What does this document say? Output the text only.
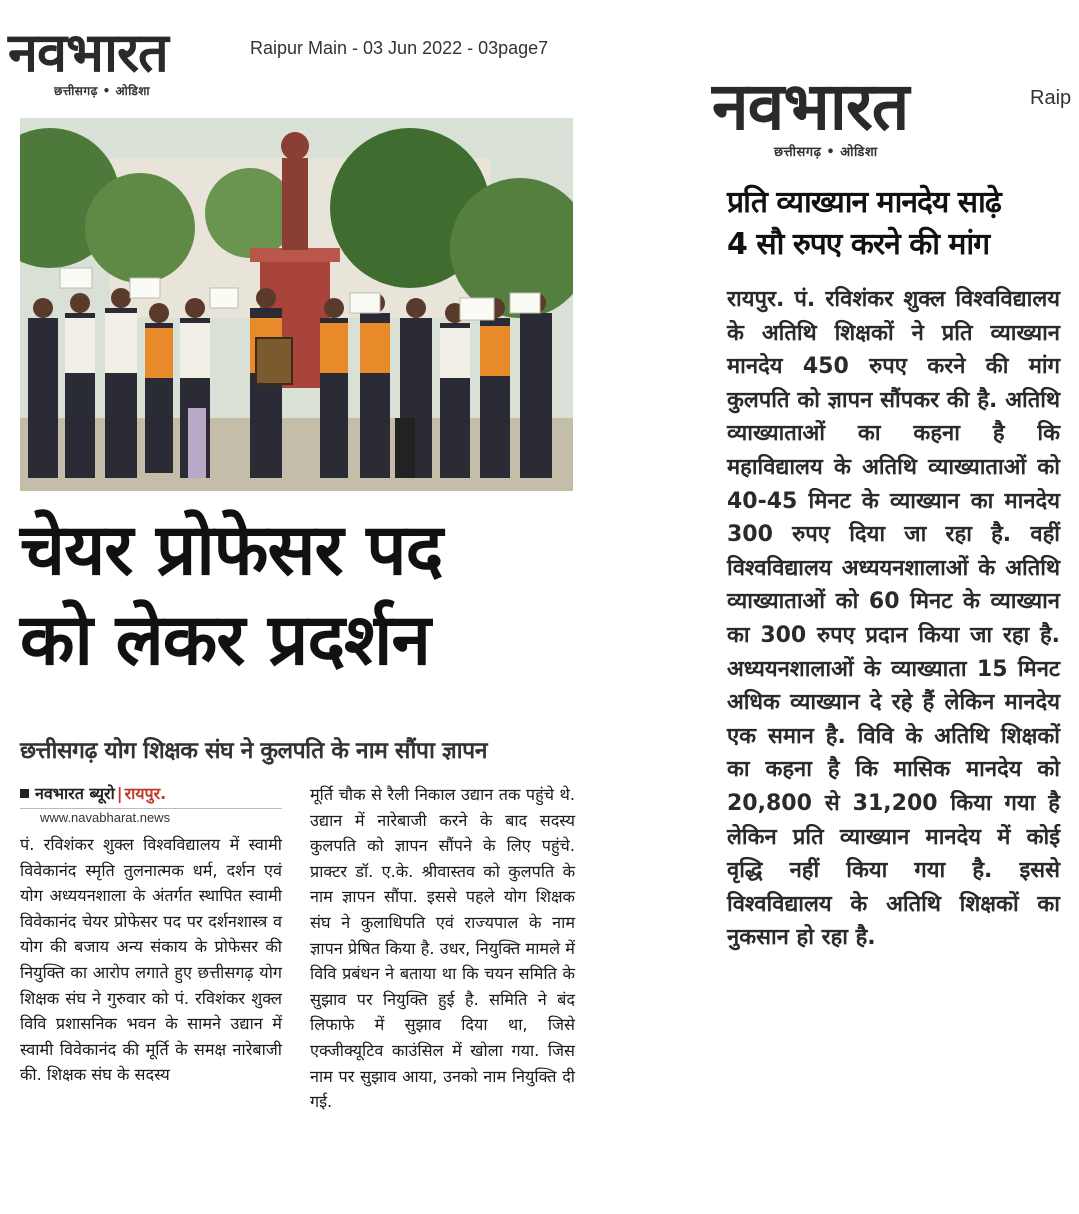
नवभारत
छत्तीसगढ़ • ओडिशा
Raipur Main - 03 Jun 2022 - 03page7
चेयर प्रोफेसर पद
को लेकर प्रदर्शन
छत्तीसगढ़ योग शिक्षक संघ ने कुलपति के नाम सौंपा ज्ञापन
नवभारत ब्यूरो | रायपुर.
www.navabharat.news

पं. रविशंकर शुक्ल विश्वविद्यालय में स्वामी विवेकानंद स्मृति तुलनात्मक धर्म, दर्शन एवं योग अध्ययनशाला के अंतर्गत स्थापित स्वामी विवेकानंद चेयर प्रोफेसर पद पर दर्शनशास्त्र व योग की बजाय अन्य संकाय के प्रोफेसर की नियुक्ति का आरोप लगाते हुए छत्तीसगढ़ योग शिक्षक संघ ने गुरुवार को पं. रविशंकर शुक्ल विवि प्रशासनिक भवन के सामने उद्यान में स्वामी विवेकानंद की मूर्ति के समक्ष नारेबाजी की. शिक्षक संघ के सदस्य

मूर्ति चौक से रैली निकाल उद्यान तक पहुंचे थे. उद्यान में नारेबाजी करने के बाद सदस्य कुलपति को ज्ञापन सौंपने के लिए पहुंचे. प्राक्टर डॉ. ए.के. श्रीवास्तव को कुलपति के नाम ज्ञापन सौंपा. इससे पहले योग शिक्षक संघ ने कुलाधिपति एवं राज्यपाल के नाम ज्ञापन प्रेषित किया है. उधर, नियुक्ति मामले में विवि प्रबंधन ने बताया था कि चयन समिति के सुझाव पर नियुक्ति हुई है. समिति ने बंद लिफाफे में सुझाव दिया था, जिसे एक्जीक्यूटिव काउंसिल में खोला गया. जिस नाम पर सुझाव आया, उनको नाम नियुक्ति दी गई.

नवभारत
छत्तीसगढ़ • ओडिशा
Raip
प्रति व्याख्यान मानदेय साढ़े
4 सौ रुपए करने की मांग

रायपुर. पं. रविशंकर शुक्ल विश्वविद्यालय के अतिथि शिक्षकों ने प्रति व्याख्यान मानदेय 450 रुपए करने की मांग कुलपति को ज्ञापन सौंपकर की है. अतिथि व्याख्याताओं का कहना है कि महाविद्यालय के अतिथि व्याख्याताओं को 40-45 मिनट के व्याख्यान का मानदेय 300 रुपए दिया जा रहा है. वहीं विश्वविद्यालय अध्ययनशालाओं के अतिथि व्याख्याताओं को 60 मिनट के व्याख्यान का 300 रुपए प्रदान किया जा रहा है. अध्ययनशालाओं के व्याख्याता 15 मिनट अधिक व्याख्यान दे रहे हैं लेकिन मानदेय एक समान है. विवि के अतिथि शिक्षकों का कहना है कि मासिक मानदेय को 20,800 से 31,200 किया गया है लेकिन प्रति व्याख्यान मानदेय में कोई वृद्धि नहीं किया गया है. इससे विश्वविद्यालय के अतिथि शिक्षकों का नुकसान हो रहा है.
